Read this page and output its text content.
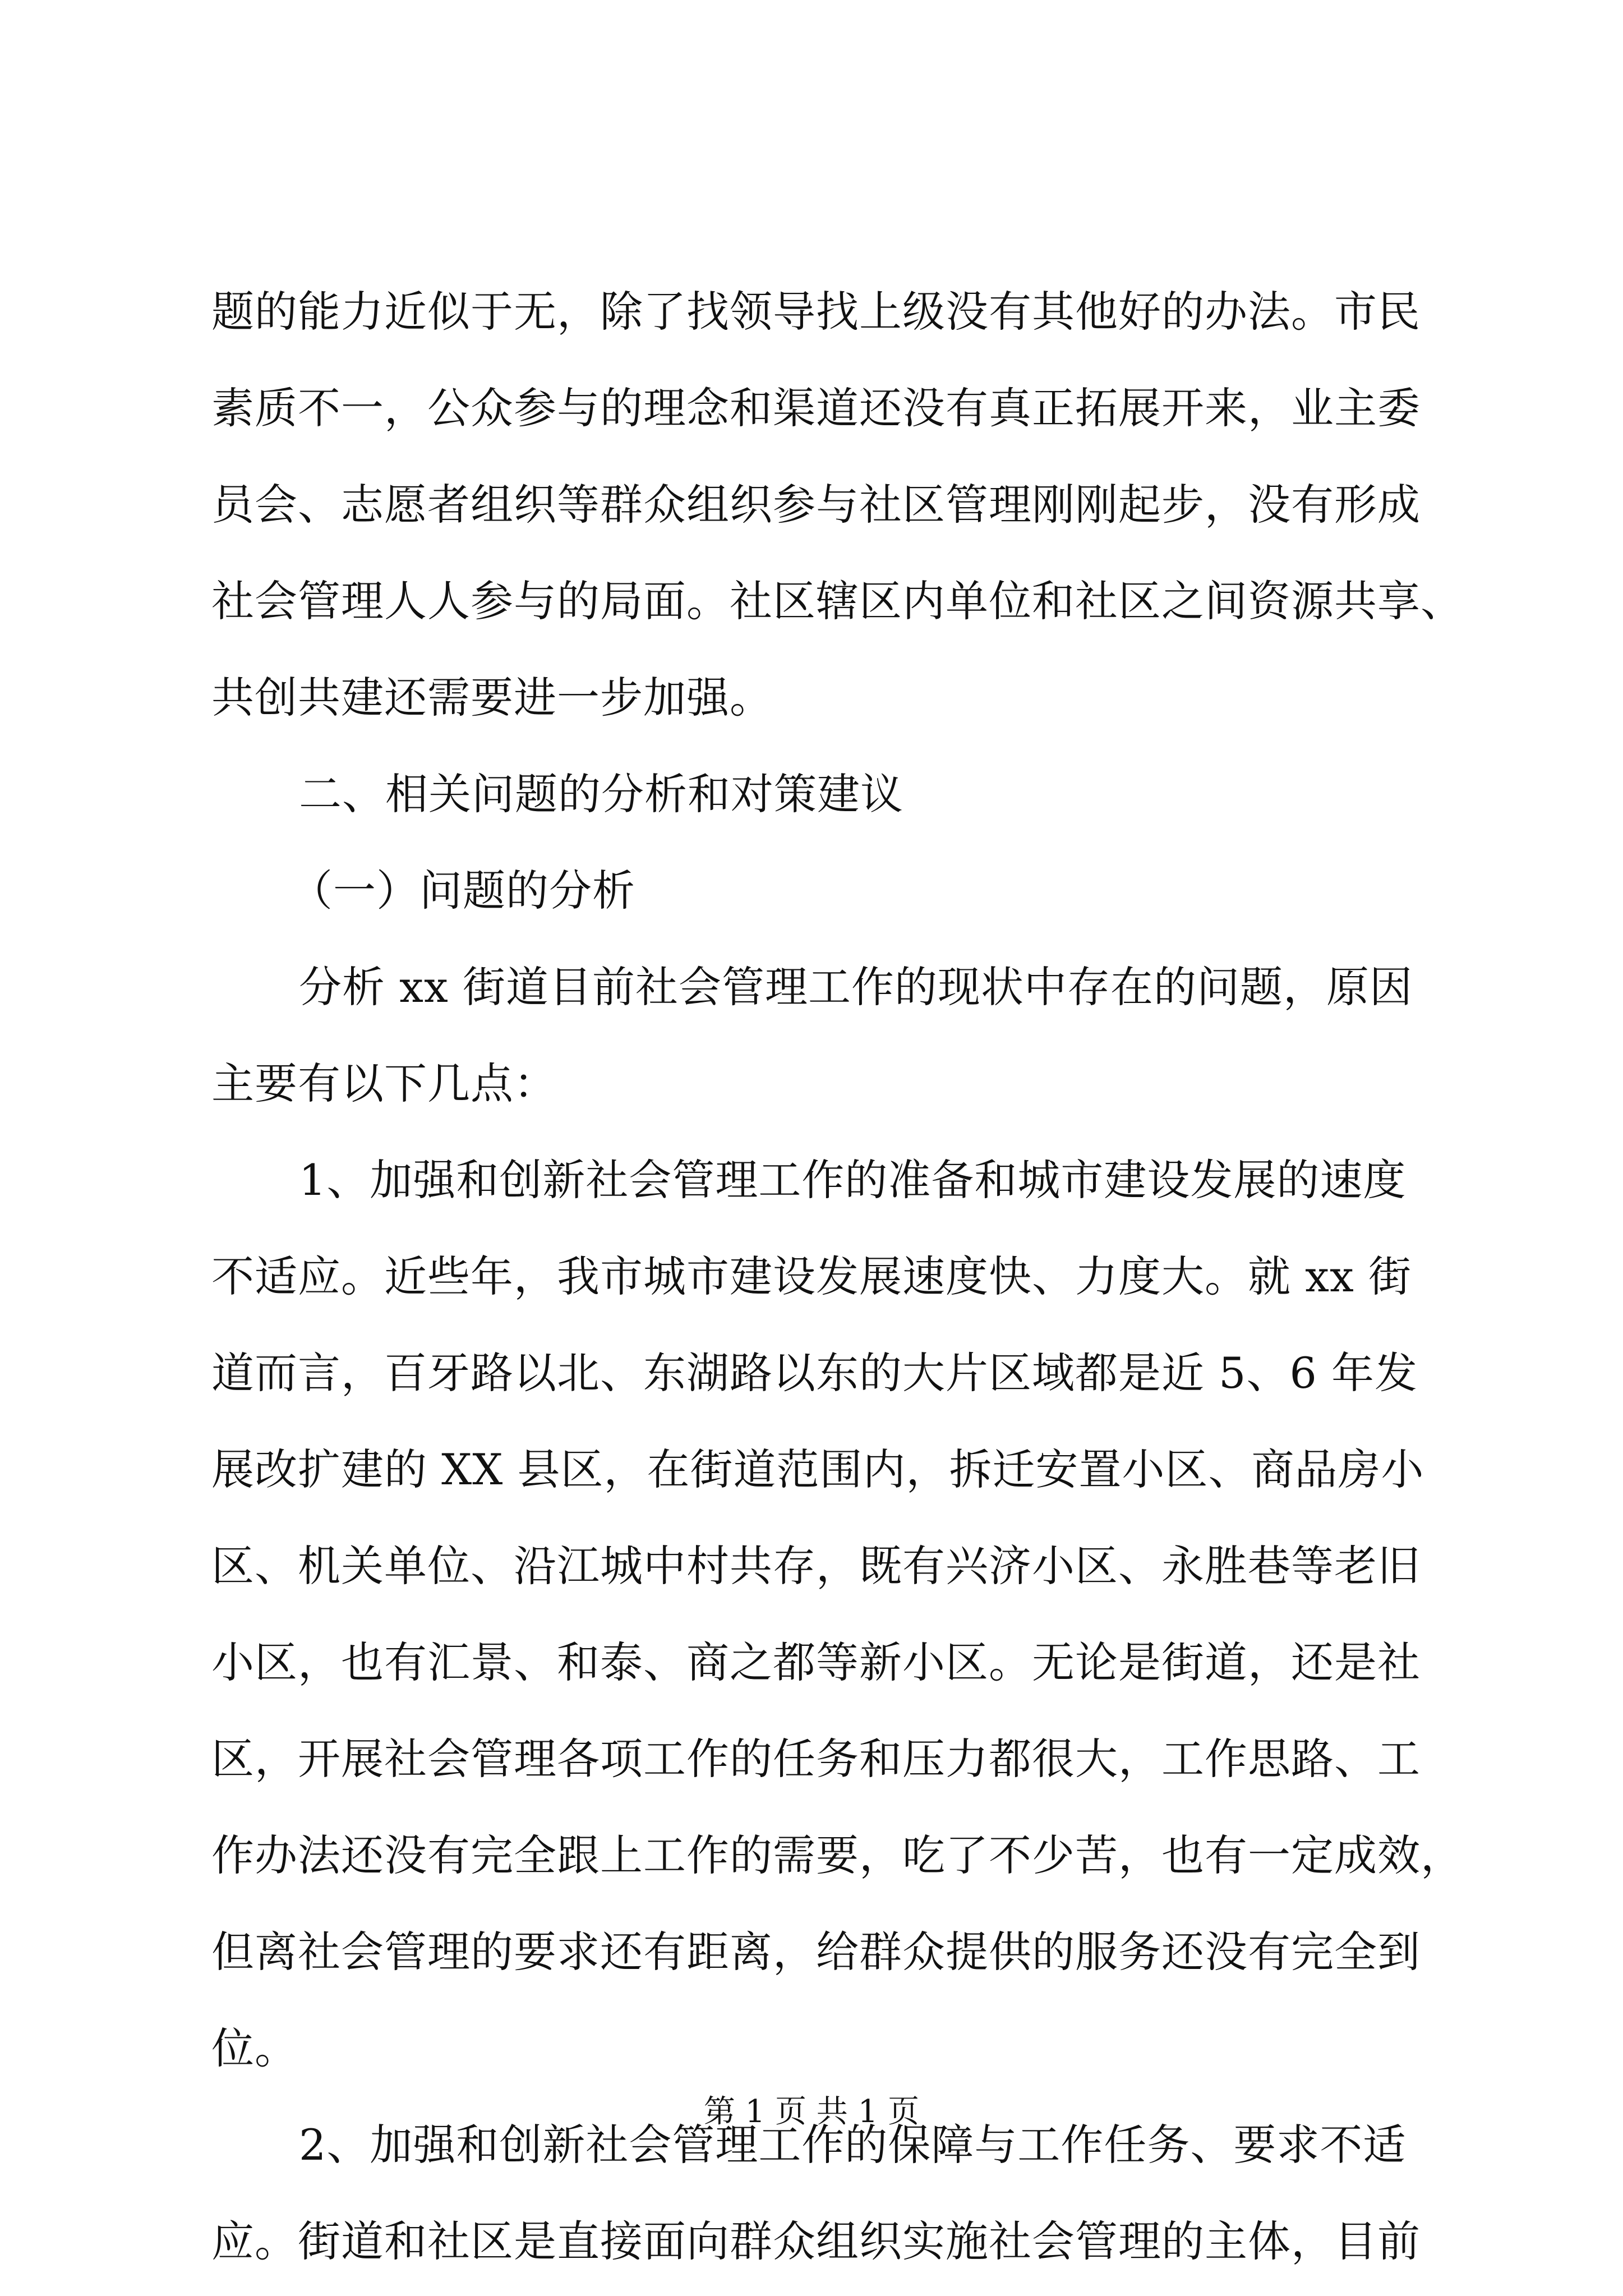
题的能力近似于无，除了找领导找上级没有其他好的办法。市民
素质不一，公众参与的理念和渠道还没有真正拓展开来，业主委
员会、志愿者组织等群众组织参与社区管理刚刚起步，没有形成
社会管理人人参与的局面。社区辖区内单位和社区之间资源共享、
共创共建还需要进一步加强。
二、相关问题的分析和对策建议
（一）问题的分析
分析 xx 街道目前社会管理工作的现状中存在的问题，原因
主要有以下几点：
1、加强和创新社会管理工作的准备和城市建设发展的速度
不适应。近些年，我市城市建设发展速度快、力度大。就 xx 街
道而言，百牙路以北、东湖路以东的大片区域都是近 5、6 年发
展改扩建的 XX 县区，在街道范围内，拆迁安置小区、商品房小
区、机关单位、沿江城中村共存，既有兴济小区、永胜巷等老旧
小区，也有汇景、和泰、商之都等新小区。无论是街道，还是社
区，开展社会管理各项工作的任务和压力都很大，工作思路、工
作办法还没有完全跟上工作的需要，吃了不少苦，也有一定成效，
但离社会管理的要求还有距离，给群众提供的服务还没有完全到
位。
2、加强和创新社会管理工作的保障与工作任务、要求不适
应。街道和社区是直接面向群众组织实施社会管理的主体，目前
第 1 页 共 1 页
